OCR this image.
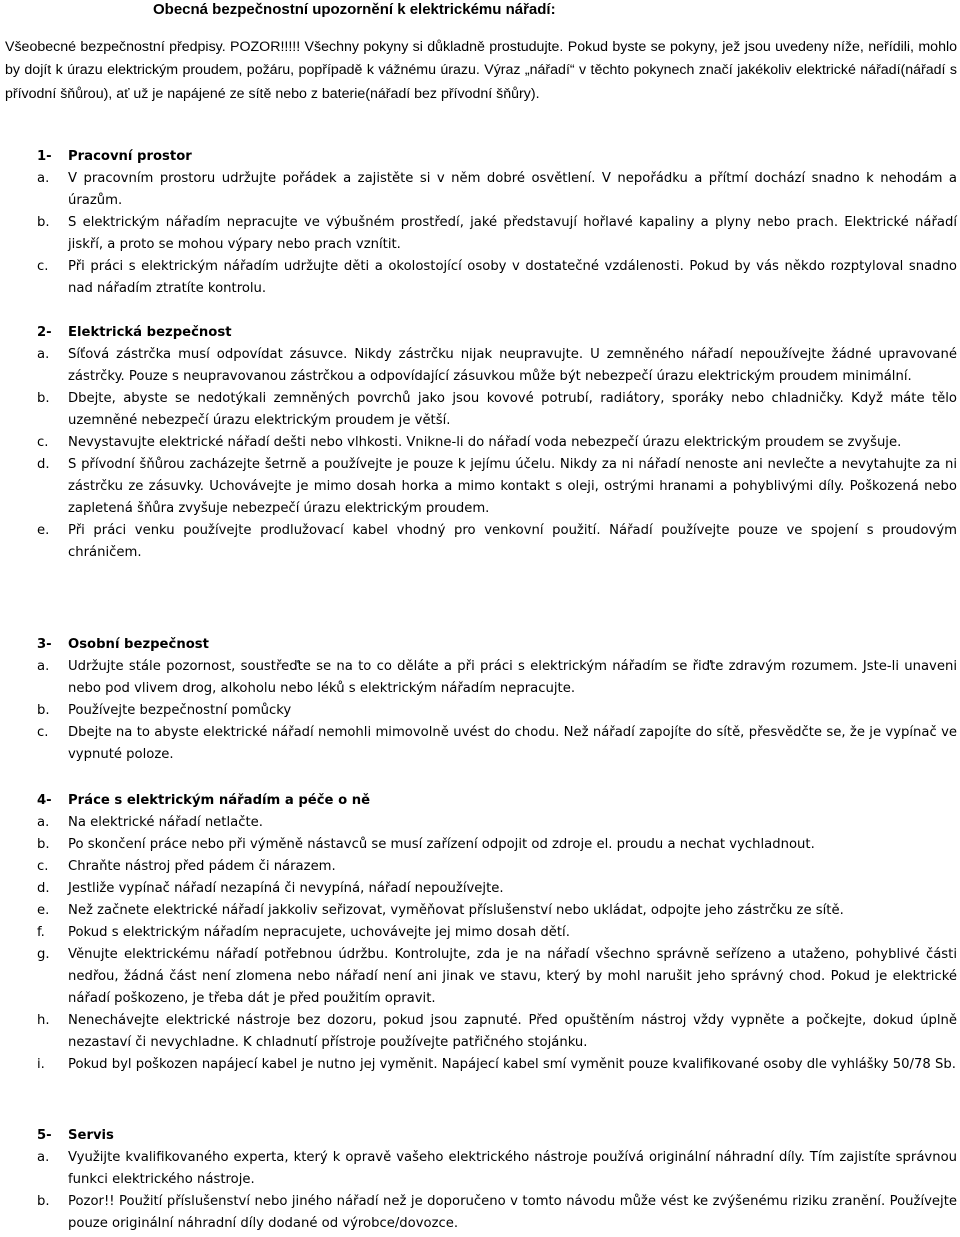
Obecná bezpečnostní upozornění k elektrickému nářadí:

Všeobecné bezpečnostní předpisy. POZOR!!!!! Všechny pokyny si důkladně prostudujte. Pokud byste se pokyny, jež jsou uvedeny níže, neřídili, mohlo by dojít k úrazu elektrickým proudem, požáru, popřípadě k vážnému úrazu. Výraz „nářadí“ v těchto pokynech značí jakékoliv elektrické nářadí(nářadí s přívodní šňůrou), ať už je napájené ze sítě nebo z baterie(nářadí bez přívodní šňůry).

1- Pracovní prostor
a. V pracovním prostoru udržujte pořádek a zajistěte si v něm dobré osvětlení. V nepořádku a přítmí dochází snadno k nehodám a úrazům.

b. S elektrickým nářadím nepracujte ve výbušném prostředí, jaké představují hořlavé kapaliny a plyny nebo prach. Elektrické nářadí jiskří, a proto se mohou výpary nebo prach vznítit.

c. Při práci s elektrickým nářadím udržujte děti a okolostojící osoby v dostatečné vzdálenosti. Pokud by vás někdo rozptyloval snadno nad nářadím ztratíte kontrolu.

2- Elektrická bezpečnost
a. Síťová zástrčka musí odpovídat zásuvce. Nikdy zástrčku nijak neupravujte. U zemněného nářadí nepoužívejte žádné upravované zástrčky. Pouze s neupravovanou zástrčkou a odpovídající zásuvkou může být nebezpečí úrazu elektrickým proudem minimální.

b. Dbejte, abyste se nedotýkali zemněných povrchů jako jsou kovové potrubí, radiátory, sporáky nebo chladničky. Když máte tělo uzemněné nebezpečí úrazu elektrickým proudem je větší.

c. Nevystavujte elektrické nářadí dešti nebo vlhkosti. Vnikne-li do nářadí voda nebezpečí úrazu elektrickým proudem se zvyšuje.

d. S přívodní šňůrou zacházejte šetrně a používejte je pouze k jejímu účelu. Nikdy za ni nářadí nenoste ani nevlečte a nevytahujte za ni zástrčku ze zásuvky. Uchovávejte je mimo dosah horka a mimo kontakt s oleji, ostrými hranami a pohyblivými díly. Poškozená nebo zapletená šňůra zvyšuje nebezpečí úrazu elektrickým proudem.

e. Při práci venku používejte prodlužovací kabel vhodný pro venkovní použití. Nářadí používejte pouze ve spojení s proudovým chráničem.

3- Osobní bezpečnost
a. Udržujte stále pozornost, soustřeďte se na to co děláte a při práci s elektrickým nářadím se řiďte zdravým rozumem. Jste-li unaveni nebo pod vlivem drog, alkoholu nebo léků s elektrickým nářadím nepracujte.

b. Používejte bezpečnostní pomůcky

c. Dbejte na to abyste elektrické nářadí nemohli mimovolně uvést do chodu. Než nářadí zapojíte do sítě, přesvědčte se, že je vypínač ve vypnuté poloze.

4- Práce s elektrickým nářadím a péče o ně
a. Na elektrické nářadí netlačte.

b. Po skončení práce nebo při výměně nástavců se musí zařízení odpojit od zdroje el. proudu a nechat vychladnout.

c. Chraňte nástroj před pádem či nárazem.

d. Jestliže vypínač nářadí nezapíná či nevypíná, nářadí nepoužívejte.

e. Než začnete elektrické nářadí jakkoliv seřizovat, vyměňovat příslušenství nebo ukládat, odpojte jeho zástrčku ze sítě.

f. Pokud s elektrickým nářadím nepracujete, uchovávejte jej mimo dosah dětí.

g. Věnujte elektrickému nářadí potřebnou údržbu. Kontrolujte, zda je na nářadí všechno správně seřízeno a utaženo, pohyblivé části nedřou, žádná část není zlomena nebo nářadí není ani jinak ve stavu, který by mohl narušit jeho správný chod. Pokud je elektrické nářadí poškozeno, je třeba dát je před použitím opravit.

h. Nenechávejte elektrické nástroje bez dozoru, pokud jsou zapnuté. Před opuštěním nástroj vždy vypněte a počkejte, dokud úplně nezastaví či nevychladne. K chladnutí přístroje používejte patřičného stojánku.

i. Pokud byl poškozen napájecí kabel je nutno jej vyměnit. Napájecí kabel smí vyměnit pouze kvalifikované osoby dle vyhlášky 50/78 Sb.

5- Servis
a. Využijte kvalifikovaného experta, který k opravě vašeho elektrického nástroje používá originální náhradní díly. Tím zajistíte správnou funkci elektrického nástroje.

b. Pozor!! Použití příslušenství nebo jiného nářadí než je doporučeno v tomto návodu může vést ke zvýšenému riziku zranění. Používejte pouze originální náhradní díly dodané od výrobce/dovozce.
